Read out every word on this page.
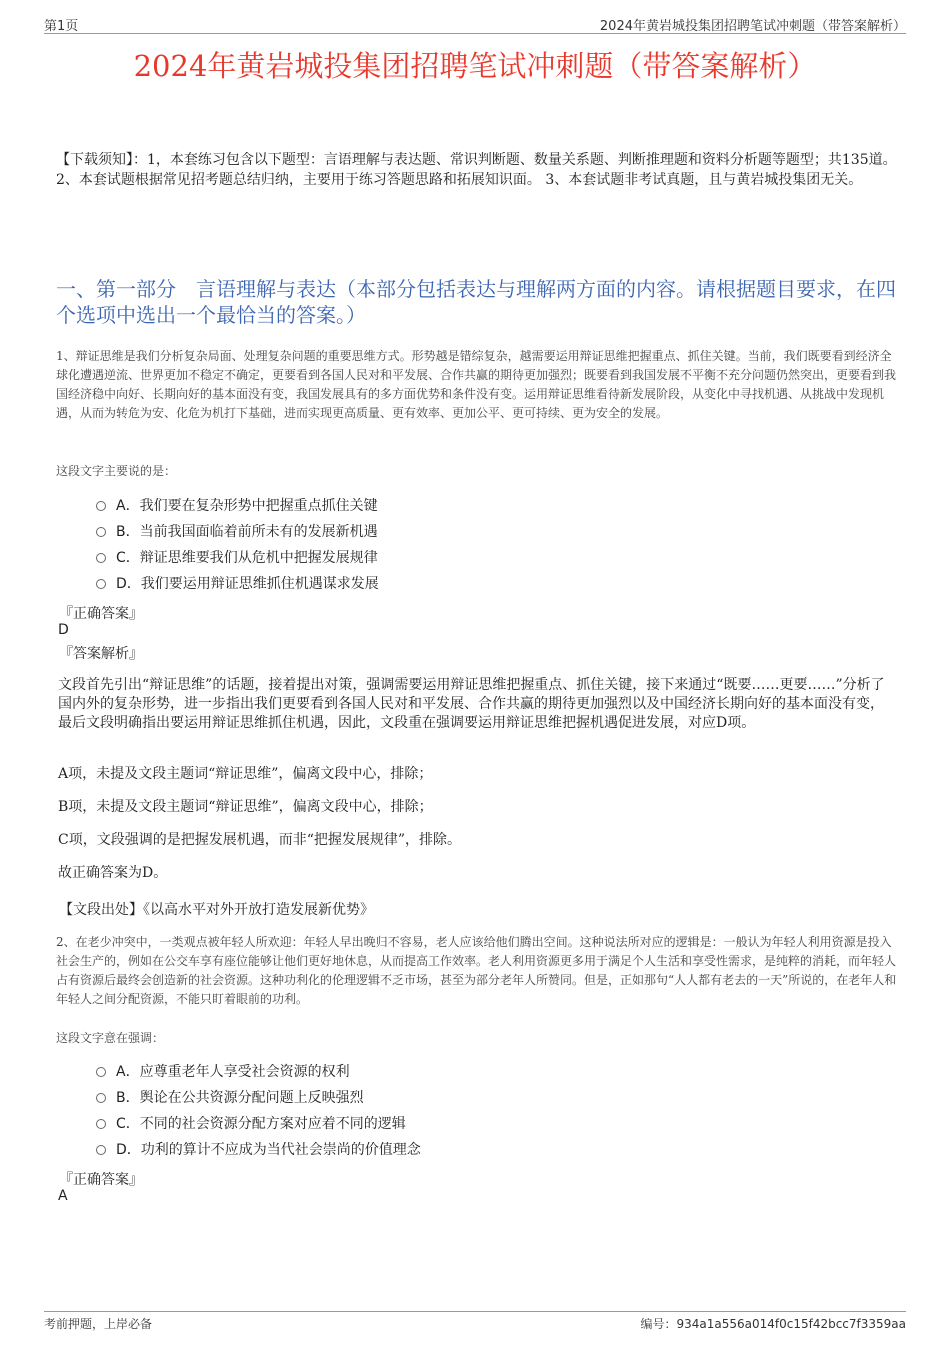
第1页	2024年黄岩城投集团招聘笔试冲刺题（带答案解析）
2024年黄岩城投集团招聘笔试冲刺题（带答案解析）
【下载须知】：1，本套练习包含以下题型：言语理解与表达题、常识判断题、数量关系题、判断推理题和资料分析题等题型；共135道。 2、本套试题根据常见招考题总结归纳，主要用于练习答题思路和拓展知识面。 3、本套试题非考试真题，且与黄岩城投集团无关。
一、第一部分　言语理解与表达（本部分包括表达与理解两方面的内容。请根据题目要求，在四个选项中选出一个最恰当的答案。）
1、辩证思维是我们分析复杂局面、处理复杂问题的重要思维方式。形势越是错综复杂，越需要运用辩证思维把握重点、抓住关键。当前，我们既要看到经济全球化遭遇逆流、世界更加不稳定不确定，更要看到各国人民对和平发展、合作共赢的期待更加强烈；既要看到我国发展不平衡不充分问题仍然突出，更要看到我国经济稳中向好、长期向好的基本面没有变，我国发展具有的多方面优势和条件没有变。运用辩证思维看待新发展阶段，从变化中寻找机遇、从挑战中发现机遇，从而为转危为安、化危为机打下基础，进而实现更高质量、更有效率、更加公平、更可持续、更为安全的发展。
这段文字主要说的是：
A．我们要在复杂形势中把握重点抓住关键
B．当前我国面临着前所未有的发展新机遇
C．辩证思维要我们从危机中把握发展规律
D．我们要运用辩证思维抓住机遇谋求发展
『正确答案』
D
『答案解析』
文段首先引出“辩证思维”的话题，接着提出对策，强调需要运用辩证思维把握重点、抓住关键，接下来通过“既要……更要……”分析了国内外的复杂形势，进一步指出我们更要看到各国人民对和平发展、合作共赢的期待更加强烈以及中国经济长期向好的基本面没有变，最后文段明确指出要运用辩证思维抓住机遇，因此，文段重在强调要运用辩证思维把握机遇促进发展，对应D项。
A项，未提及文段主题词“辩证思维”，偏离文段中心，排除；
B项，未提及文段主题词“辩证思维”，偏离文段中心，排除；
C项，文段强调的是把握发展机遇，而非“把握发展规律”，排除。
故正确答案为D。
【文段出处】《以高水平对外开放打造发展新优势》
2、在老少冲突中，一类观点被年轻人所欢迎：年轻人早出晚归不容易，老人应该给他们腾出空间。这种说法所对应的逻辑是：一般认为年轻人利用资源是投入社会生产的，例如在公交车享有座位能够让他们更好地休息，从而提高工作效率。老人利用资源更多用于满足个人生活和享受性需求，是纯粹的消耗，而年轻人占有资源后最终会创造新的社会资源。这种功利化的伦理逻辑不乏市场，甚至为部分老年人所赞同。但是，正如那句“人人都有老去的一天”所说的，在老年人和年轻人之间分配资源，不能只盯着眼前的功利。
这段文字意在强调：
A．应尊重老年人享受社会资源的权利
B．舆论在公共资源分配问题上反映强烈
C．不同的社会资源分配方案对应着不同的逻辑
D．功利的算计不应成为当代社会崇尚的价值理念
『正确答案』
A
考前押题，上岸必备	编号：934a1a556a014f0c15f42bcc7f3359aa
